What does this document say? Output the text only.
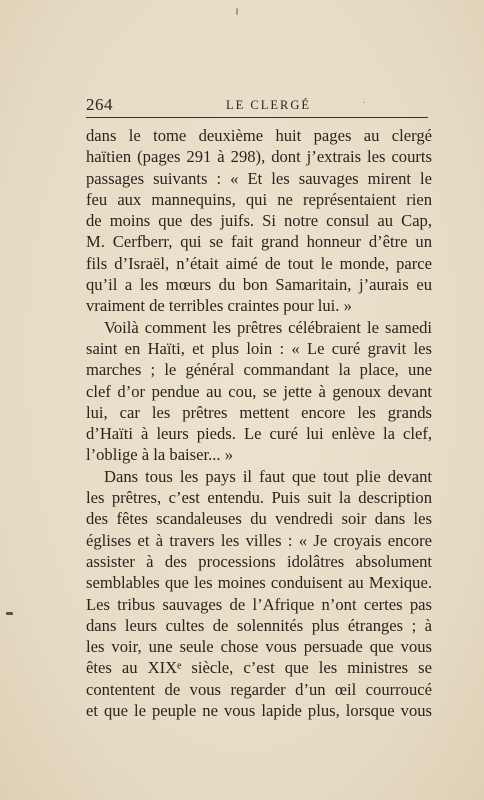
264	LE CLERGÉ	·
dans le tome deuxième huit pages au clergé
haïtien (pages 291 à 298), dont j’extrais les courts
passages suivants : « Et les sauvages mirent le
feu aux mannequins, qui ne représentaient rien
de moins que des juifs. Si notre consul au Cap,
M. Cerfberr, qui se fait grand honneur d’être un
fils d’Israël, n’était aimé de tout le monde, parce
qu’il a les mœurs du bon Samaritain, j’aurais eu
vraiment de terribles craintes pour lui. »
Voilà comment les prêtres célébraient le samedi
saint en Haïti, et plus loin : « Le curé gravit les
marches ; le général commandant la place, une
clef d’or pendue au cou, se jette à genoux devant
lui, car les prêtres mettent encore les grands
d’Haïti à leurs pieds. Le curé lui enlève la clef,
l’oblige à la baiser... »
Dans tous les pays il faut que tout plie devant
les prêtres, c’est entendu. Puis suit la description
des fêtes scandaleuses du vendredi soir dans les
églises et à travers les villes : « Je croyais encore
assister à des processions idolâtres absolument
semblables que les moines conduisent au Mexique.
Les tribus sauvages de l’Afrique n’ont certes pas
dans leurs cultes de solennités plus étranges ; à
les voir, une seule chose vous persuade que vous
êtes au XIXᵉ siècle, c’est que les ministres se
contentent de vous regarder d’un œil courroucé
et que le peuple ne vous lapide plus, lorsque vous
